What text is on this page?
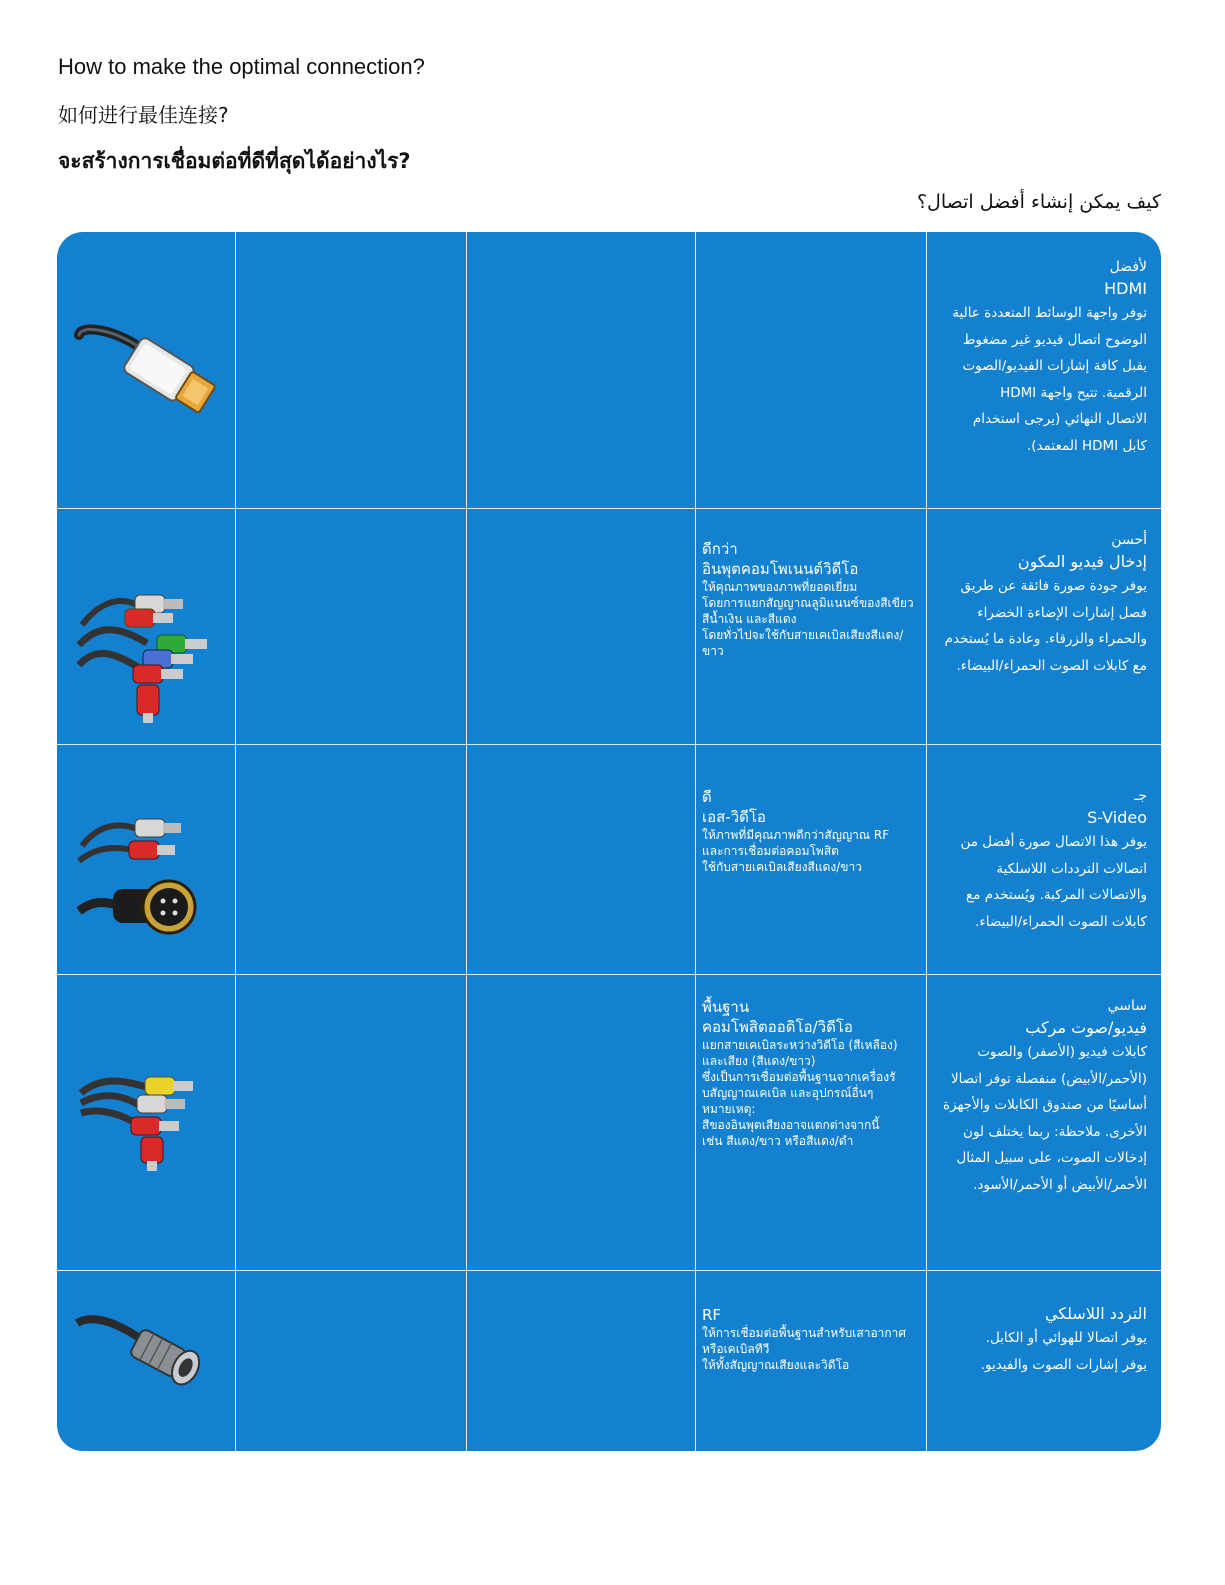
How to make the optimal connection?
如何进行最佳连接?
จะสร้างการเชื่อมต่อที่ดีที่สุดได้อย่างไร?
كيف يمكن إنشاء أفضل اتصال؟
لأفضل
HDMI
توفر واجهة الوسائط المتعددة عالية
الوضوح اتصال فيديو غير مضغوط
يقبل كافة إشارات الفيديو/الصوت
الرقمية. تتيح واجهة HDMI
الاتصال النهائي (يرجى استخدام
كابل HDMI المعتمد).
ดีกว่า
อินพุตคอมโพเนนต์วิดีโอ
ให้คุณภาพของภาพที่ยอดเยี่ยม
โดยการแยกสัญญาณลูมิแนนซ์ของสีเขียว
สีน้ำเงิน และสีแดง
โดยทั่วไปจะใช้กับสายเคเบิลเสียงสีแดง/
ขาว
أحسن
إدخال فيديو المكون
يوفر جودة صورة فائقة عن طريق
فصل إشارات الإضاءة الخضراء
والحمراء والزرقاء. وعادة ما يُستخدم
مع كابلات الصوت الحمراء/البيضاء.
ดี
เอส-วิดีโอ
ให้ภาพที่มีคุณภาพดีกว่าสัญญาณ RF
และการเชื่อมต่อคอมโพสิต
ใช้กับสายเคเบิลเสียงสีแดง/ขาว
جـ
S-Video
يوفر هذا الاتصال صورة أفضل من
اتصالات الترددات اللاسلكية
والاتصالات المركبة. ويُستخدم مع
كابلات الصوت الحمراء/البيضاء.
พื้นฐาน
คอมโพสิตออดิโอ/วิดีโอ
แยกสายเคเบิลระหว่างวิดีโอ (สีเหลือง)
และเสียง (สีแดง/ขาว)
ซึ่งเป็นการเชื่อมต่อพื้นฐานจากเครื่องรั
บสัญญาณเคเบิล และอุปกรณ์อื่นๆ
หมายเหตุ:
สีของอินพุตเสียงอาจแตกต่างจากนี้
เช่น สีแดง/ขาว หรือสีแดง/ดำ
ساسي
فيديو/صوت مركب
كابلات فيديو (الأصفر) والصوت
(الأحمر/الأبيض) منفصلة توفر اتصالا
أساسيًا من صندوق الكابلات والأجهزة
الأخرى. ملاحظة: ربما يختلف لون
إدخالات الصوت، على سبيل المثال
الأحمر/الأبيض أو الأحمر/الأسود.
RF
ให้การเชื่อมต่อพื้นฐานสำหรับเสาอากาศ
หรือเคเบิลทีวี
ให้ทั้งสัญญาณเสียงและวิดีโอ
التردد اللاسلكي
يوفر اتصالا للهوائي أو الكابل.
يوفر إشارات الصوت والفيديو.
